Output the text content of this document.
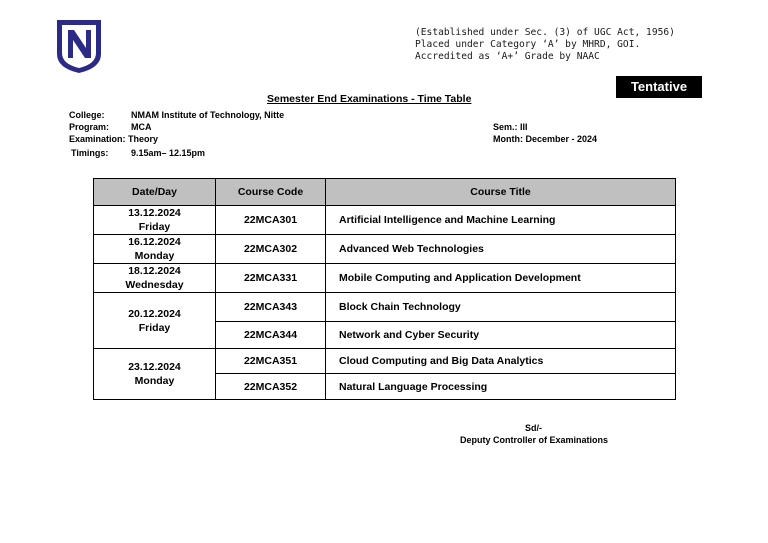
(Established under Sec. (3) of UGC Act, 1956)
Placed under Category ‘A’ by MHRD, GOI.
Accredited as ‘A+’ Grade by NAAC
Tentative
Semester End Examinations - Time Table
College:	NMAM Institute of Technology, Nitte
Program: MCA
Examination: Theory
Timings:	9.15am– 12.15pm
Sem.: III
Month: December - 2024
Date/Day	Course Code	Course Title
13.12.2024
Friday	22MCA301	Artificial Intelligence and Machine Learning
16.12.2024
Monday	22MCA302	Advanced Web Technologies
18.12.2024
Wednesday	22MCA331	Mobile Computing and Application Development
20.12.2024
Friday	22MCA343	Block Chain Technology
	22MCA344	Network and Cyber Security
23.12.2024
Monday	22MCA351	Cloud Computing and Big Data Analytics
	22MCA352	Natural Language Processing
Sd/-
Deputy Controller of Examinations
